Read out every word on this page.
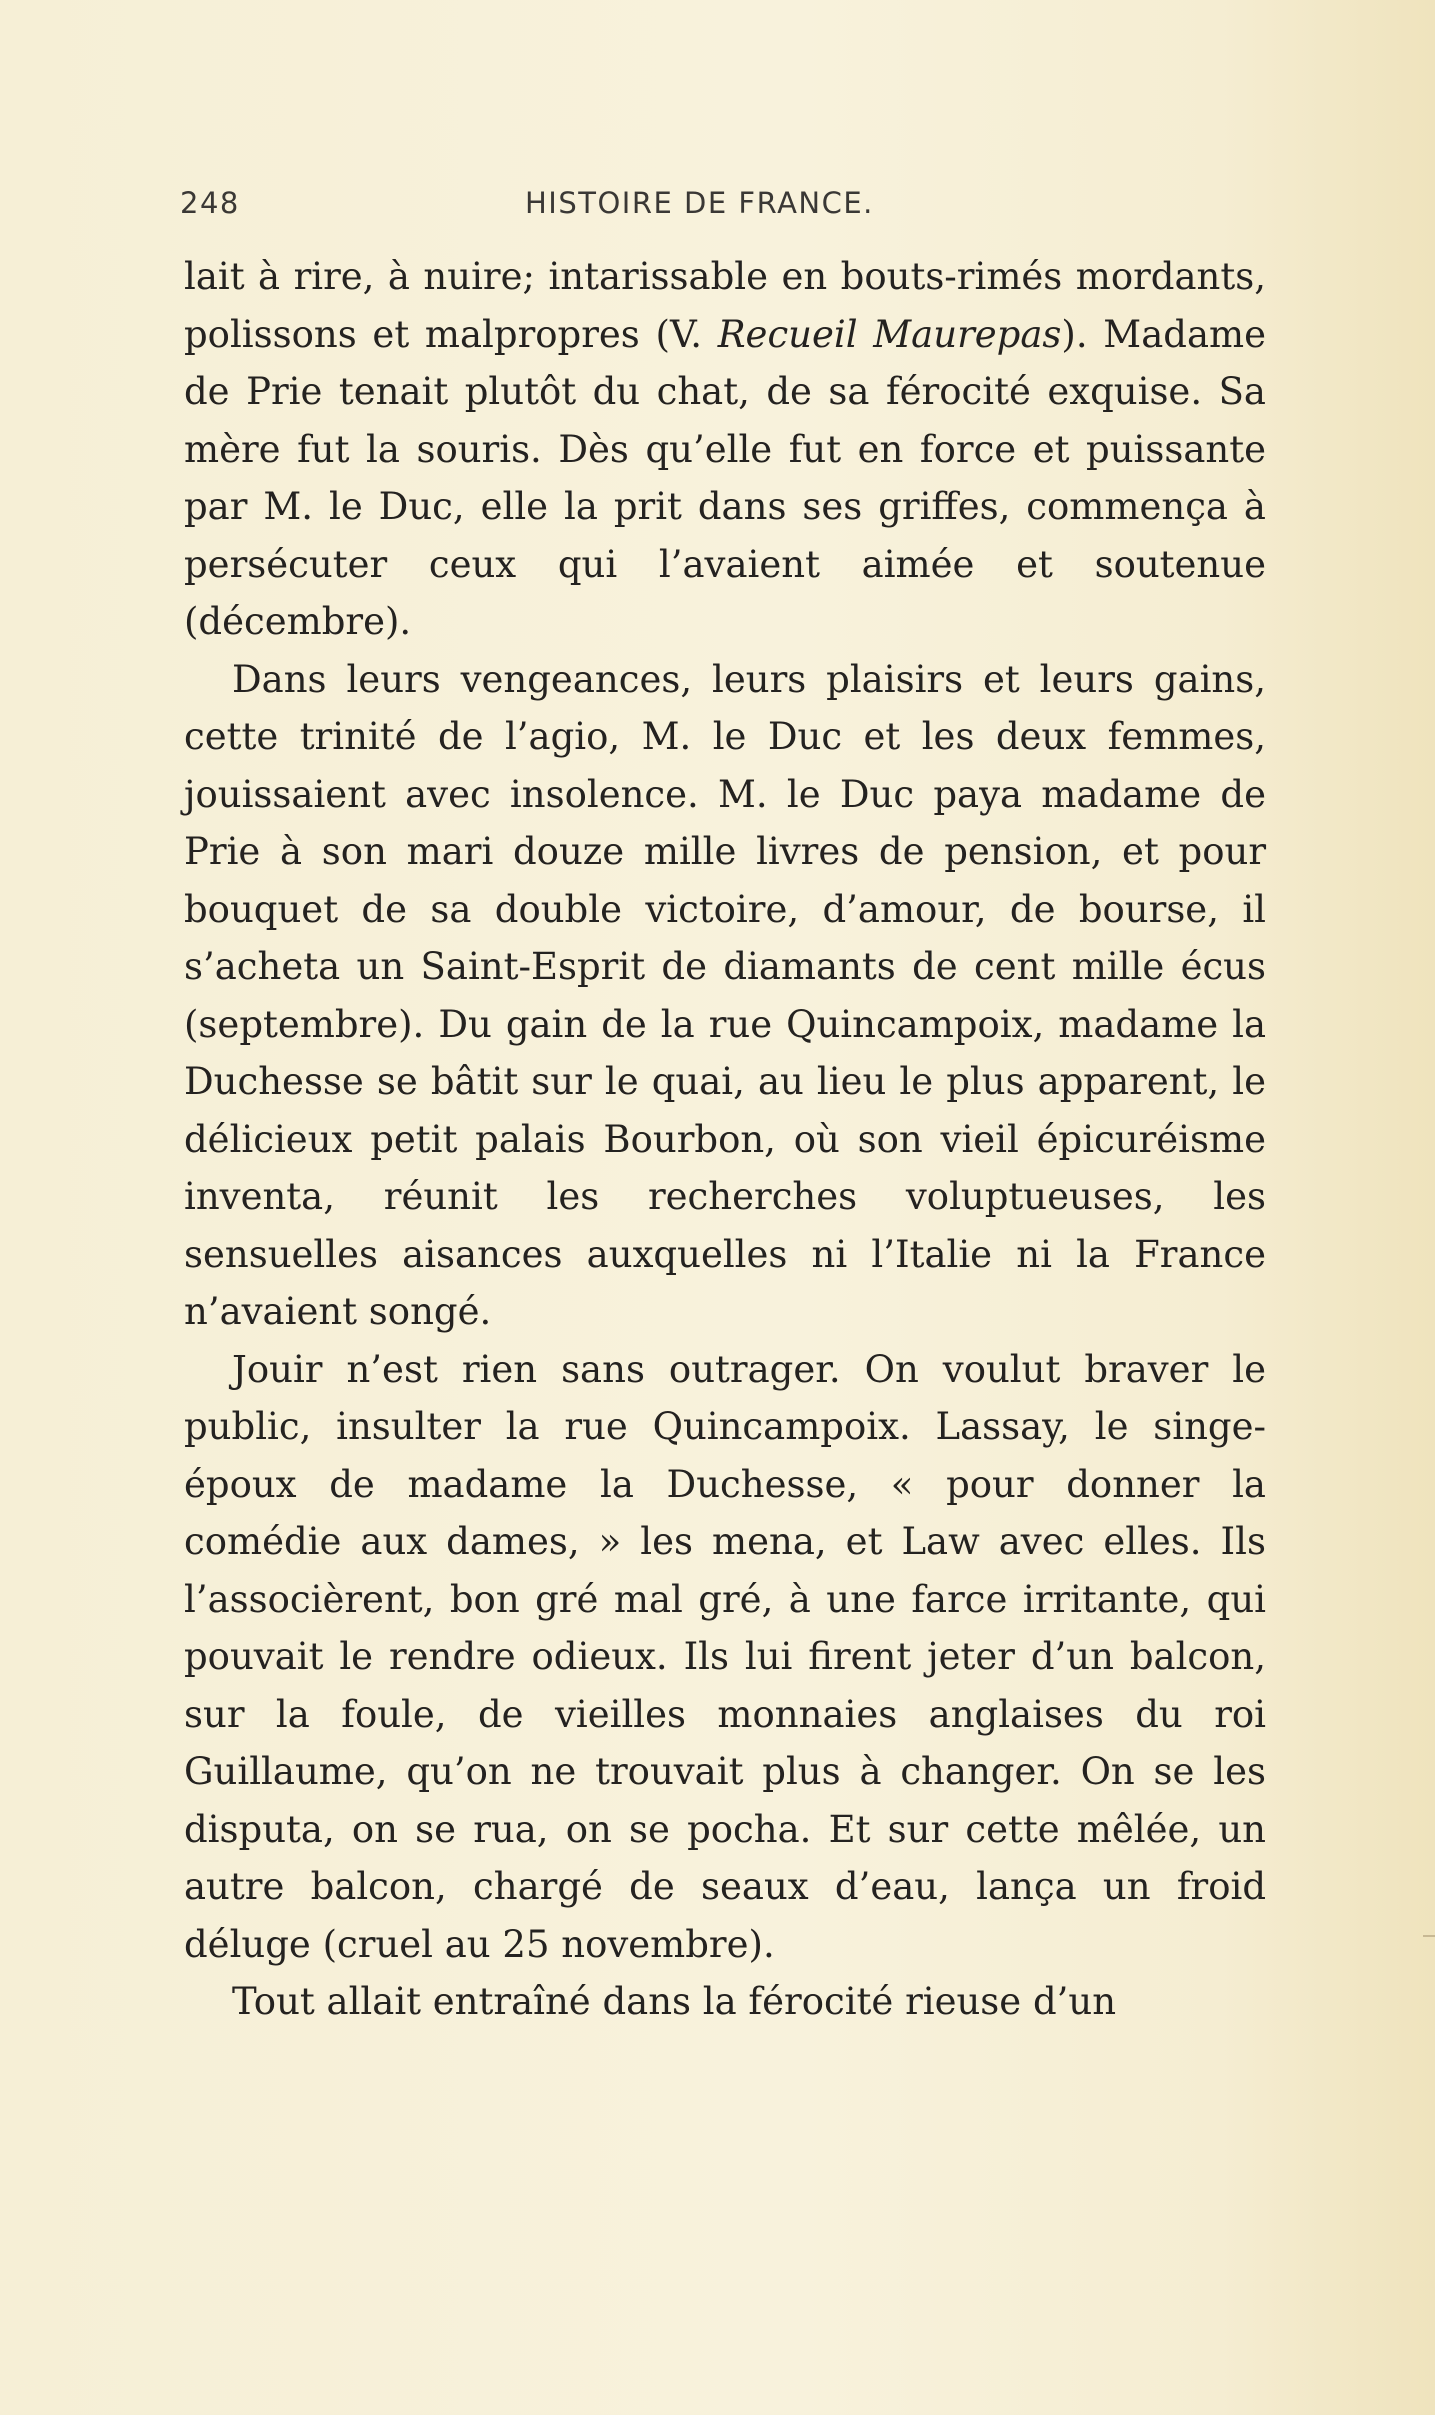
248	HISTOIRE DE FRANCE.

lait à rire, à nuire; intarissable en bouts-rimés mordants, polissons et malpropres (V. Recueil Maurepas). Madame de Prie tenait plutôt du chat, de sa férocité exquise. Sa mère fut la souris. Dès qu’elle fut en force et puissante par M. le Duc, elle la prit dans ses griffes, commença à persécuter ceux qui l’avaient aimée et soutenue (décembre).

Dans leurs vengeances, leurs plaisirs et leurs gains, cette trinité de l’agio, M. le Duc et les deux femmes, jouissaient avec insolence. M. le Duc paya madame de Prie à son mari douze mille livres de pension, et pour bouquet de sa double victoire, d’amour, de bourse, il s’acheta un Saint-Esprit de diamants de cent mille écus (septembre). Du gain de la rue Quincampoix, madame la Duchesse se bâtit sur le quai, au lieu le plus apparent, le délicieux petit palais Bourbon, où son vieil épicuréisme inventa, réunit les recherches voluptueuses, les sensuelles aisances auxquelles ni l’Italie ni la France n’avaient songé.

Jouir n’est rien sans outrager. On voulut braver le public, insulter la rue Quincampoix. Lassay, le singe-époux de madame la Duchesse, « pour donner la comédie aux dames, » les mena, et Law avec elles. Ils l’associèrent, bon gré mal gré, à une farce irritante, qui pouvait le rendre odieux. Ils lui firent jeter d’un balcon, sur la foule, de vieilles monnaies anglaises du roi Guillaume, qu’on ne trouvait plus à changer. On se les disputa, on se rua, on se pocha. Et sur cette mêlée, un autre balcon, chargé de seaux d’eau, lança un froid déluge (cruel au 25 novembre).

Tout allait entraîné dans la férocité rieuse d’un
